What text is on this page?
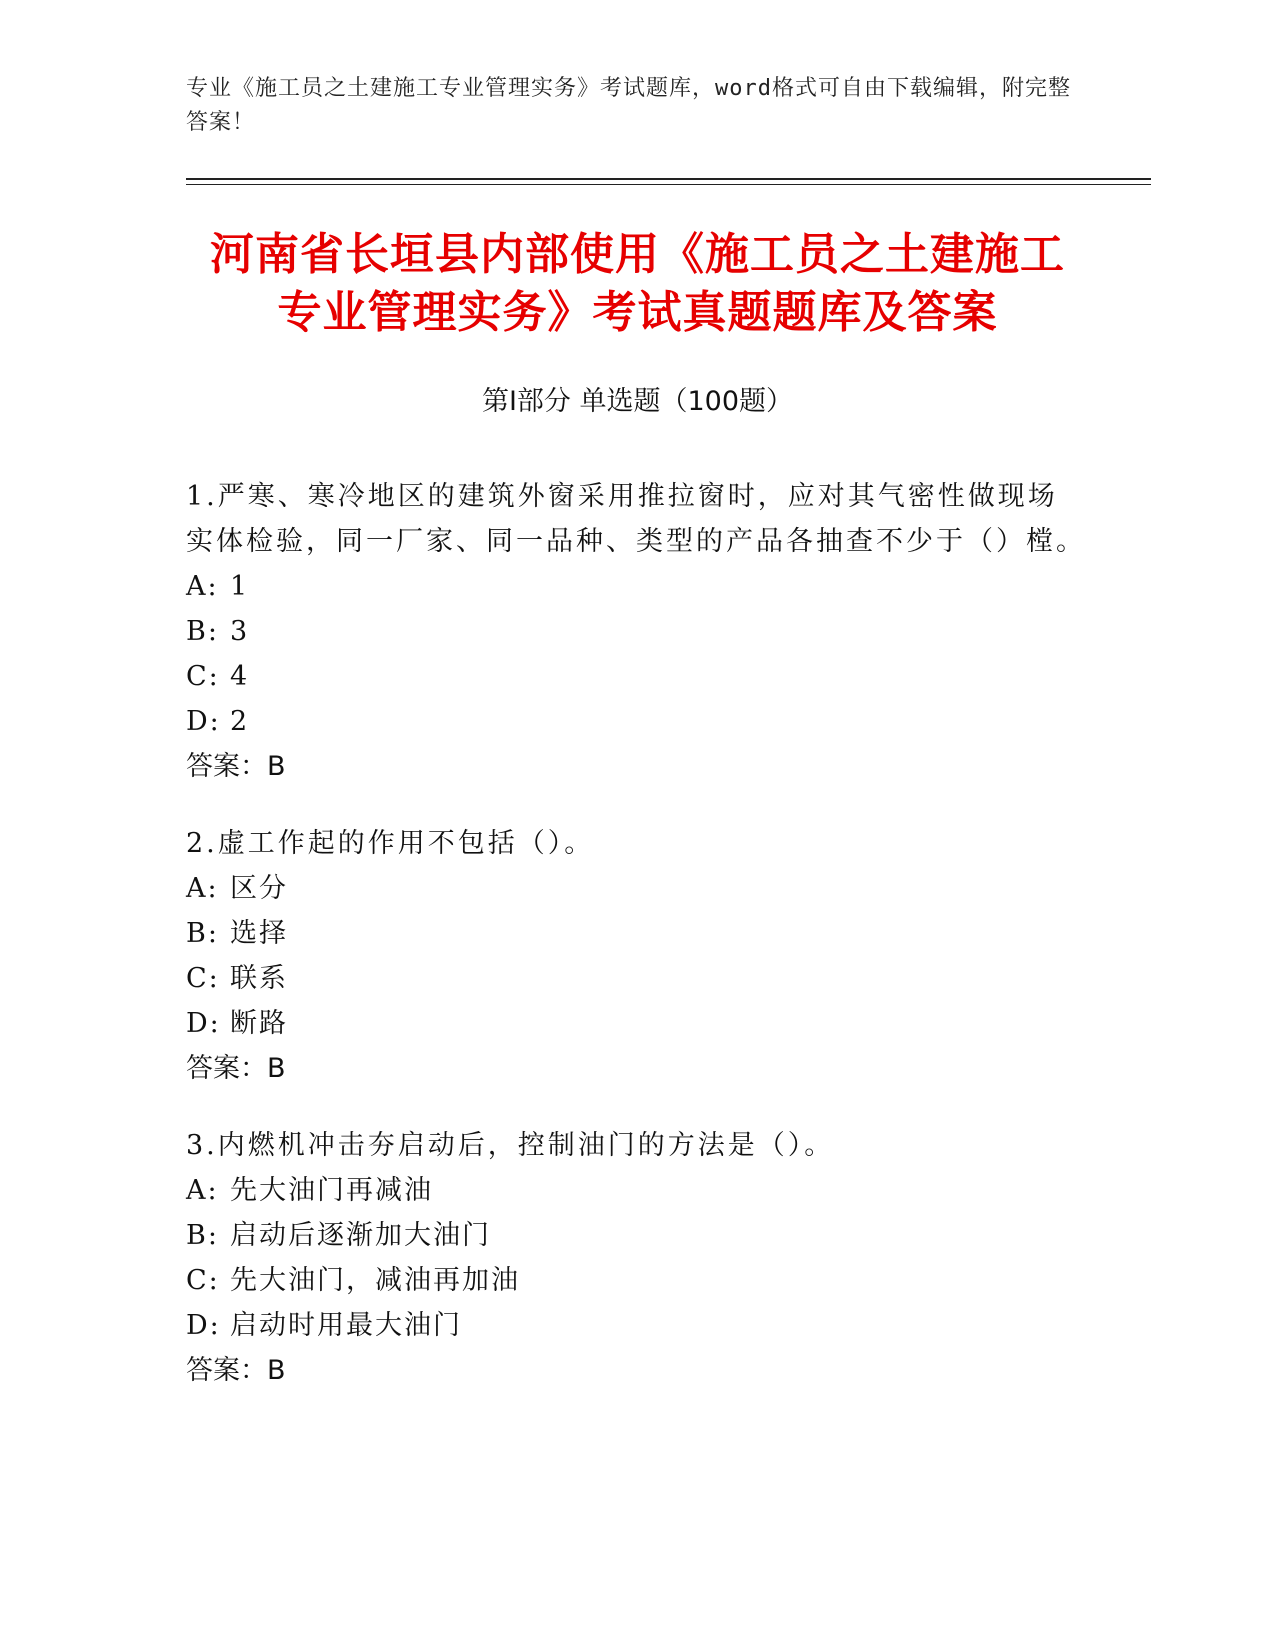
专业《施工员之土建施工专业管理实务》考试题库，word格式可自由下载编辑，附完整答案！
河南省长垣县内部使用《施工员之土建施工
专业管理实务》考试真题题库及答案
第Ⅰ部分 单选题（100题）
1.严寒、寒冷地区的建筑外窗采用推拉窗时，应对其气密性做现场实体检验，同一厂家、同一品种、类型的产品各抽查不少于（）樘。
A: 1
B: 3
C: 4
D: 2
答案：B
2.虚工作起的作用不包括（）。
A: 区分
B: 选择
C: 联系
D: 断路
答案：B
3.内燃机冲击夯启动后，控制油门的方法是（）。
A: 先大油门再减油
B: 启动后逐渐加大油门
C: 先大油门，减油再加油
D: 启动时用最大油门
答案：B
